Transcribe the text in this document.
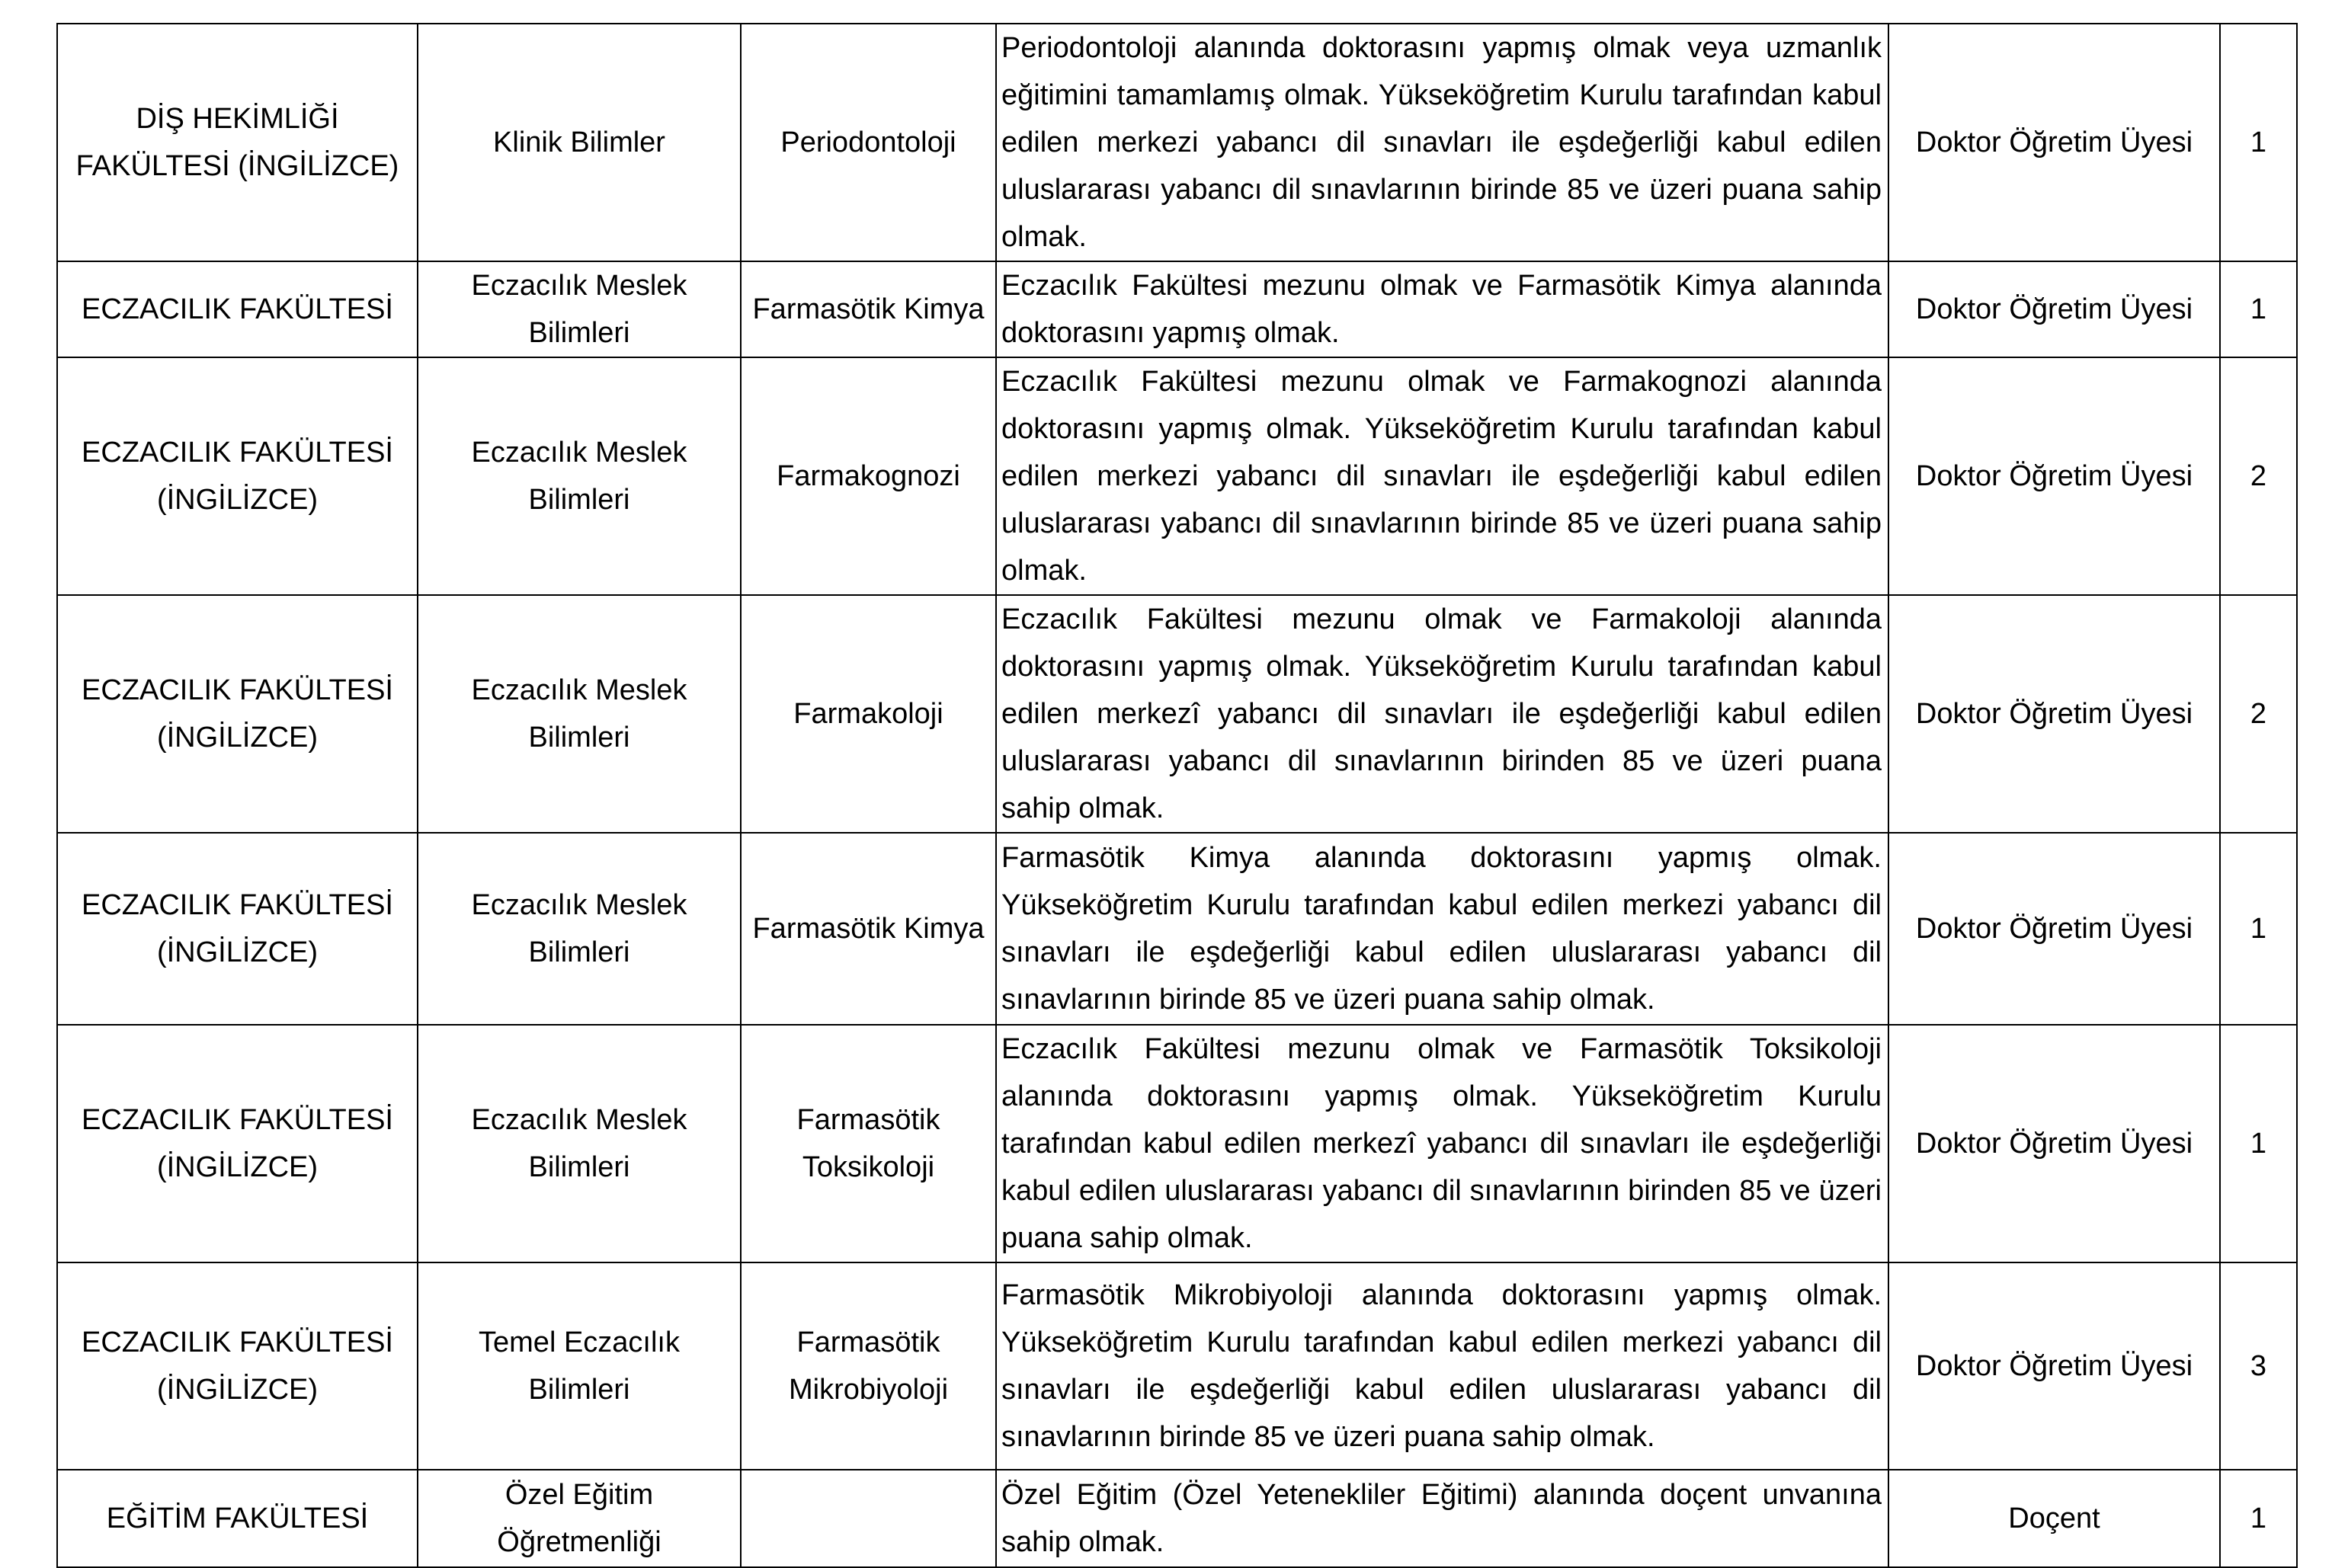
DİŞ HEKİMLİĞİ FAKÜLTESİ (İNGİLİZCE)	Klinik Bilimler	Periodontoloji	Periodontoloji alanında doktorasını yapmış olmak veya uzmanlık eğitimini tamamlamış olmak. Yükseköğretim Kurulu tarafından kabul edilen merkezi yabancı dil sınavları ile eşdeğerliği kabul edilen uluslararası yabancı dil sınavlarının birinde 85 ve üzeri puana sahip olmak.	Doktor Öğretim Üyesi	1

ECZACILIK FAKÜLTESİ	Eczacılık Meslek Bilimleri	Farmasötik Kimya	Eczacılık Fakültesi mezunu olmak ve Farmasötik Kimya alanında doktorasını yapmış olmak.	Doktor Öğretim Üyesi	1

ECZACILIK FAKÜLTESİ (İNGİLİZCE)	Eczacılık Meslek Bilimleri	Farmakognozi	Eczacılık Fakültesi mezunu olmak ve Farmakognozi alanında doktorasını yapmış olmak. Yükseköğretim Kurulu tarafından kabul edilen merkezi yabancı dil sınavları ile eşdeğerliği kabul edilen uluslararası yabancı dil sınavlarının birinde 85 ve üzeri puana sahip olmak.	Doktor Öğretim Üyesi	2

ECZACILIK FAKÜLTESİ (İNGİLİZCE)	Eczacılık Meslek Bilimleri	Farmakoloji	Eczacılık Fakültesi mezunu olmak ve Farmakoloji alanında doktorasını yapmış olmak. Yükseköğretim Kurulu tarafından kabul edilen merkezî yabancı dil sınavları ile eşdeğerliği kabul edilen uluslararası yabancı dil sınavlarının birinden 85 ve üzeri puana sahip olmak.	Doktor Öğretim Üyesi	2

ECZACILIK FAKÜLTESİ (İNGİLİZCE)	Eczacılık Meslek Bilimleri	Farmasötik Kimya	Farmasötik Kimya alanında doktorasını yapmış olmak. Yükseköğretim Kurulu tarafından kabul edilen merkezi yabancı dil sınavları ile eşdeğerliği kabul edilen uluslararası yabancı dil sınavlarının birinde 85 ve üzeri puana sahip olmak.	Doktor Öğretim Üyesi	1

ECZACILIK FAKÜLTESİ (İNGİLİZCE)	Eczacılık Meslek Bilimleri	Farmasötik Toksikoloji	Eczacılık Fakültesi mezunu olmak ve Farmasötik Toksikoloji alanında doktorasını yapmış olmak. Yükseköğretim Kurulu tarafından kabul edilen merkezî yabancı dil sınavları ile eşdeğerliği kabul edilen uluslararası yabancı dil sınavlarının birinden 85 ve üzeri puana sahip olmak.	Doktor Öğretim Üyesi	1

ECZACILIK FAKÜLTESİ (İNGİLİZCE)	Temel Eczacılık Bilimleri	Farmasötik Mikrobiyoloji	Farmasötik Mikrobiyoloji alanında doktorasını yapmış olmak. Yükseköğretim Kurulu tarafından kabul edilen merkezi yabancı dil sınavları ile eşdeğerliği kabul edilen uluslararası yabancı dil sınavlarının birinde 85 ve üzeri puana sahip olmak.	Doktor Öğretim Üyesi	3

EĞİTİM FAKÜLTESİ	Özel Eğitim Öğretmenliği		Özel Eğitim (Özel Yetenekliler Eğitimi) alanında doçent unvanına sahip olmak.	Doçent	1
